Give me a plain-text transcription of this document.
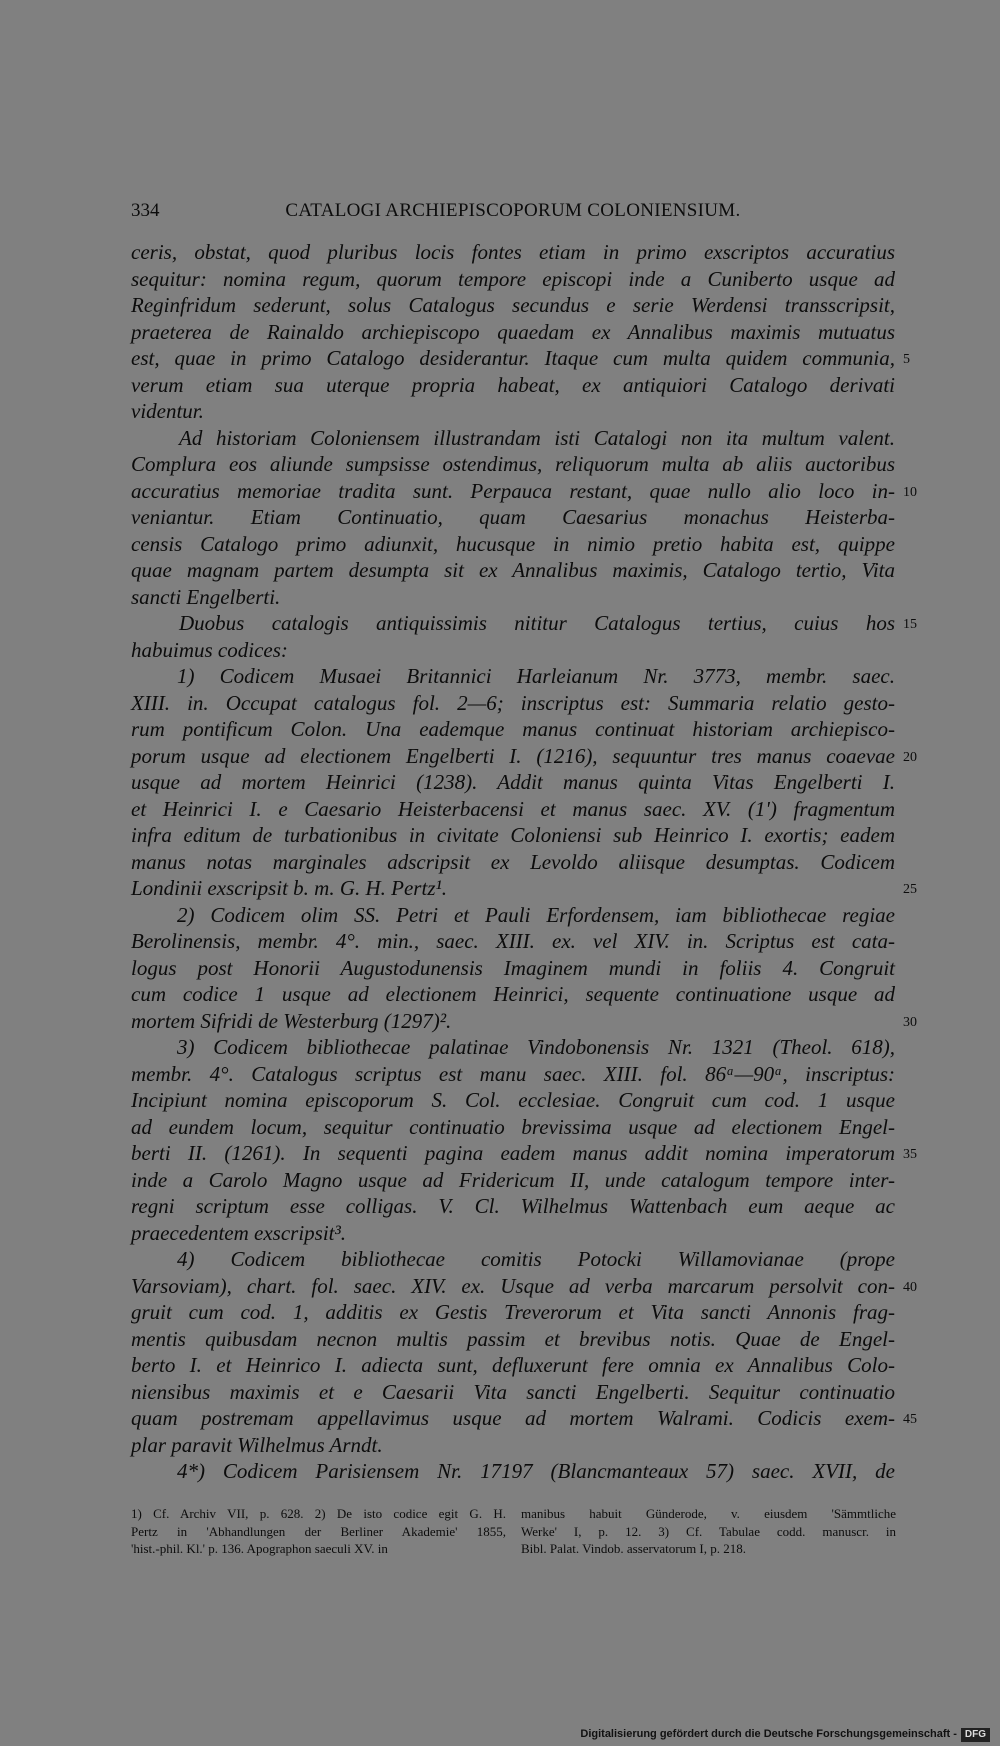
334	CATALOGI ARCHIEPISCOPORUM COLONIENSIUM.
ceris, obstat, quod pluribus locis fontes etiam in primo exscriptos accuratius
sequitur: nomina regum, quorum tempore episcopi inde a Cuniberto usque ad
Reginfridum sederunt, solus Catalogus secundus e serie Werdensi transscripsit,
praeterea de Rainaldo archiepiscopo quaedam ex Annalibus maximis mutuatus
est, quae in primo Catalogo desiderantur. Itaque cum multa quidem communia, 5
verum etiam sua uterque propria habeat, ex antiquiori Catalogo derivati
videntur.
Ad historiam Coloniensem illustrandam isti Catalogi non ita multum valent.
Complura eos aliunde sumpsisse ostendimus, reliquorum multa ab aliis auctoribus
accuratius memoriae tradita sunt. Perpauca restant, quae nullo alio loco in- 10
veniantur. Etiam Continuatio, quam Caesarius monachus Heisterba-
censis Catalogo primo adiunxit, hucusque in nimio pretio habita est, quippe
quae magnam partem desumpta sit ex Annalibus maximis, Catalogo tertio, Vita
sancti Engelberti.
Duobus catalogis antiquissimis nititur Catalogus tertius, cuius hos 15
habuimus codices:
1) Codicem Musaei Britannici Harleianum Nr. 3773, membr. saec.
XIII. in. Occupat catalogus fol. 2—6; inscriptus est: Summaria relatio gesto-
rum pontificum Colon. Una eademque manus continuat historiam archiepisco-
porum usque ad electionem Engelberti I. (1216), sequuntur tres manus coaevae 20
usque ad mortem Heinrici (1238). Addit manus quinta Vitas Engelberti I.
et Heinrici I. e Caesario Heisterbacensi et manus saec. XV. (1') fragmentum
infra editum de turbationibus in civitate Coloniensi sub Heinrico I. exortis; eadem
manus notas marginales adscripsit ex Levoldo aliisque desumptas. Codicem
Londinii exscripsit b. m. G. H. Pertz¹.	25
2) Codicem olim SS. Petri et Pauli Erfordensem, iam bibliothecae regiae
Berolinensis, membr. 4°. min., saec. XIII. ex. vel XIV. in. Scriptus est cata-
logus post Honorii Augustodunensis Imaginem mundi in foliis 4. Congruit
cum codice 1 usque ad electionem Heinrici, sequente continuatione usque ad
mortem Sifridi de Westerburg (1297)².	30
3) Codicem bibliothecae palatinae Vindobonensis Nr. 1321 (Theol. 618),
membr. 4°. Catalogus scriptus est manu saec. XIII. fol. 86ᵃ—90ᵃ, inscriptus:
Incipiunt nomina episcoporum S. Col. ecclesiae. Congruit cum cod. 1 usque
ad eundem locum, sequitur continuatio brevissima usque ad electionem Engel-
berti II. (1261). In sequenti pagina eadem manus addit nomina imperatorum 35
inde a Carolo Magno usque ad Fridericum II, unde catalogum tempore inter-
regni scriptum esse colligas. V. Cl. Wilhelmus Wattenbach eum aeque ac
praecedentem exscripsit³.
4) Codicem bibliothecae comitis Potocki Willamovianae (prope
Varsoviam), chart. fol. saec. XIV. ex. Usque ad verba marcarum persolvit con- 40
gruit cum cod. 1, additis ex Gestis Treverorum et Vita sancti Annonis frag-
mentis quibusdam necnon multis passim et brevibus notis. Quae de Engel-
berto I. et Heinrico I. adiecta sunt, defluxerunt fere omnia ex Annalibus Colo-
niensibus maximis et e Caesarii Vita sancti Engelberti. Sequitur continuatio
quam postremam appellavimus usque ad mortem Walrami. Codicis exem- 45
plar paravit Wilhelmus Arndt.
4*) Codicem Parisiensem Nr. 17197 (Blancmanteaux 57) saec. XVII, de
1) Cf. Archiv VII, p. 628. 2) De isto codice egit G. H.
Pertz in 'Abhandlungen der Berliner Akademie' 1855,
'hist.-phil. Kl.' p. 136. Apographon saeculi XV. in
manibus habuit Günderode, v. eiusdem 'Sämmtliche
Werke' I, p. 12. 3) Cf. Tabulae codd. manuscr. in
Bibl. Palat. Vindob. asservatorum I, p. 218.
Digitalisierung gefördert durch die Deutsche Forschungsgemeinschaft - DFG
